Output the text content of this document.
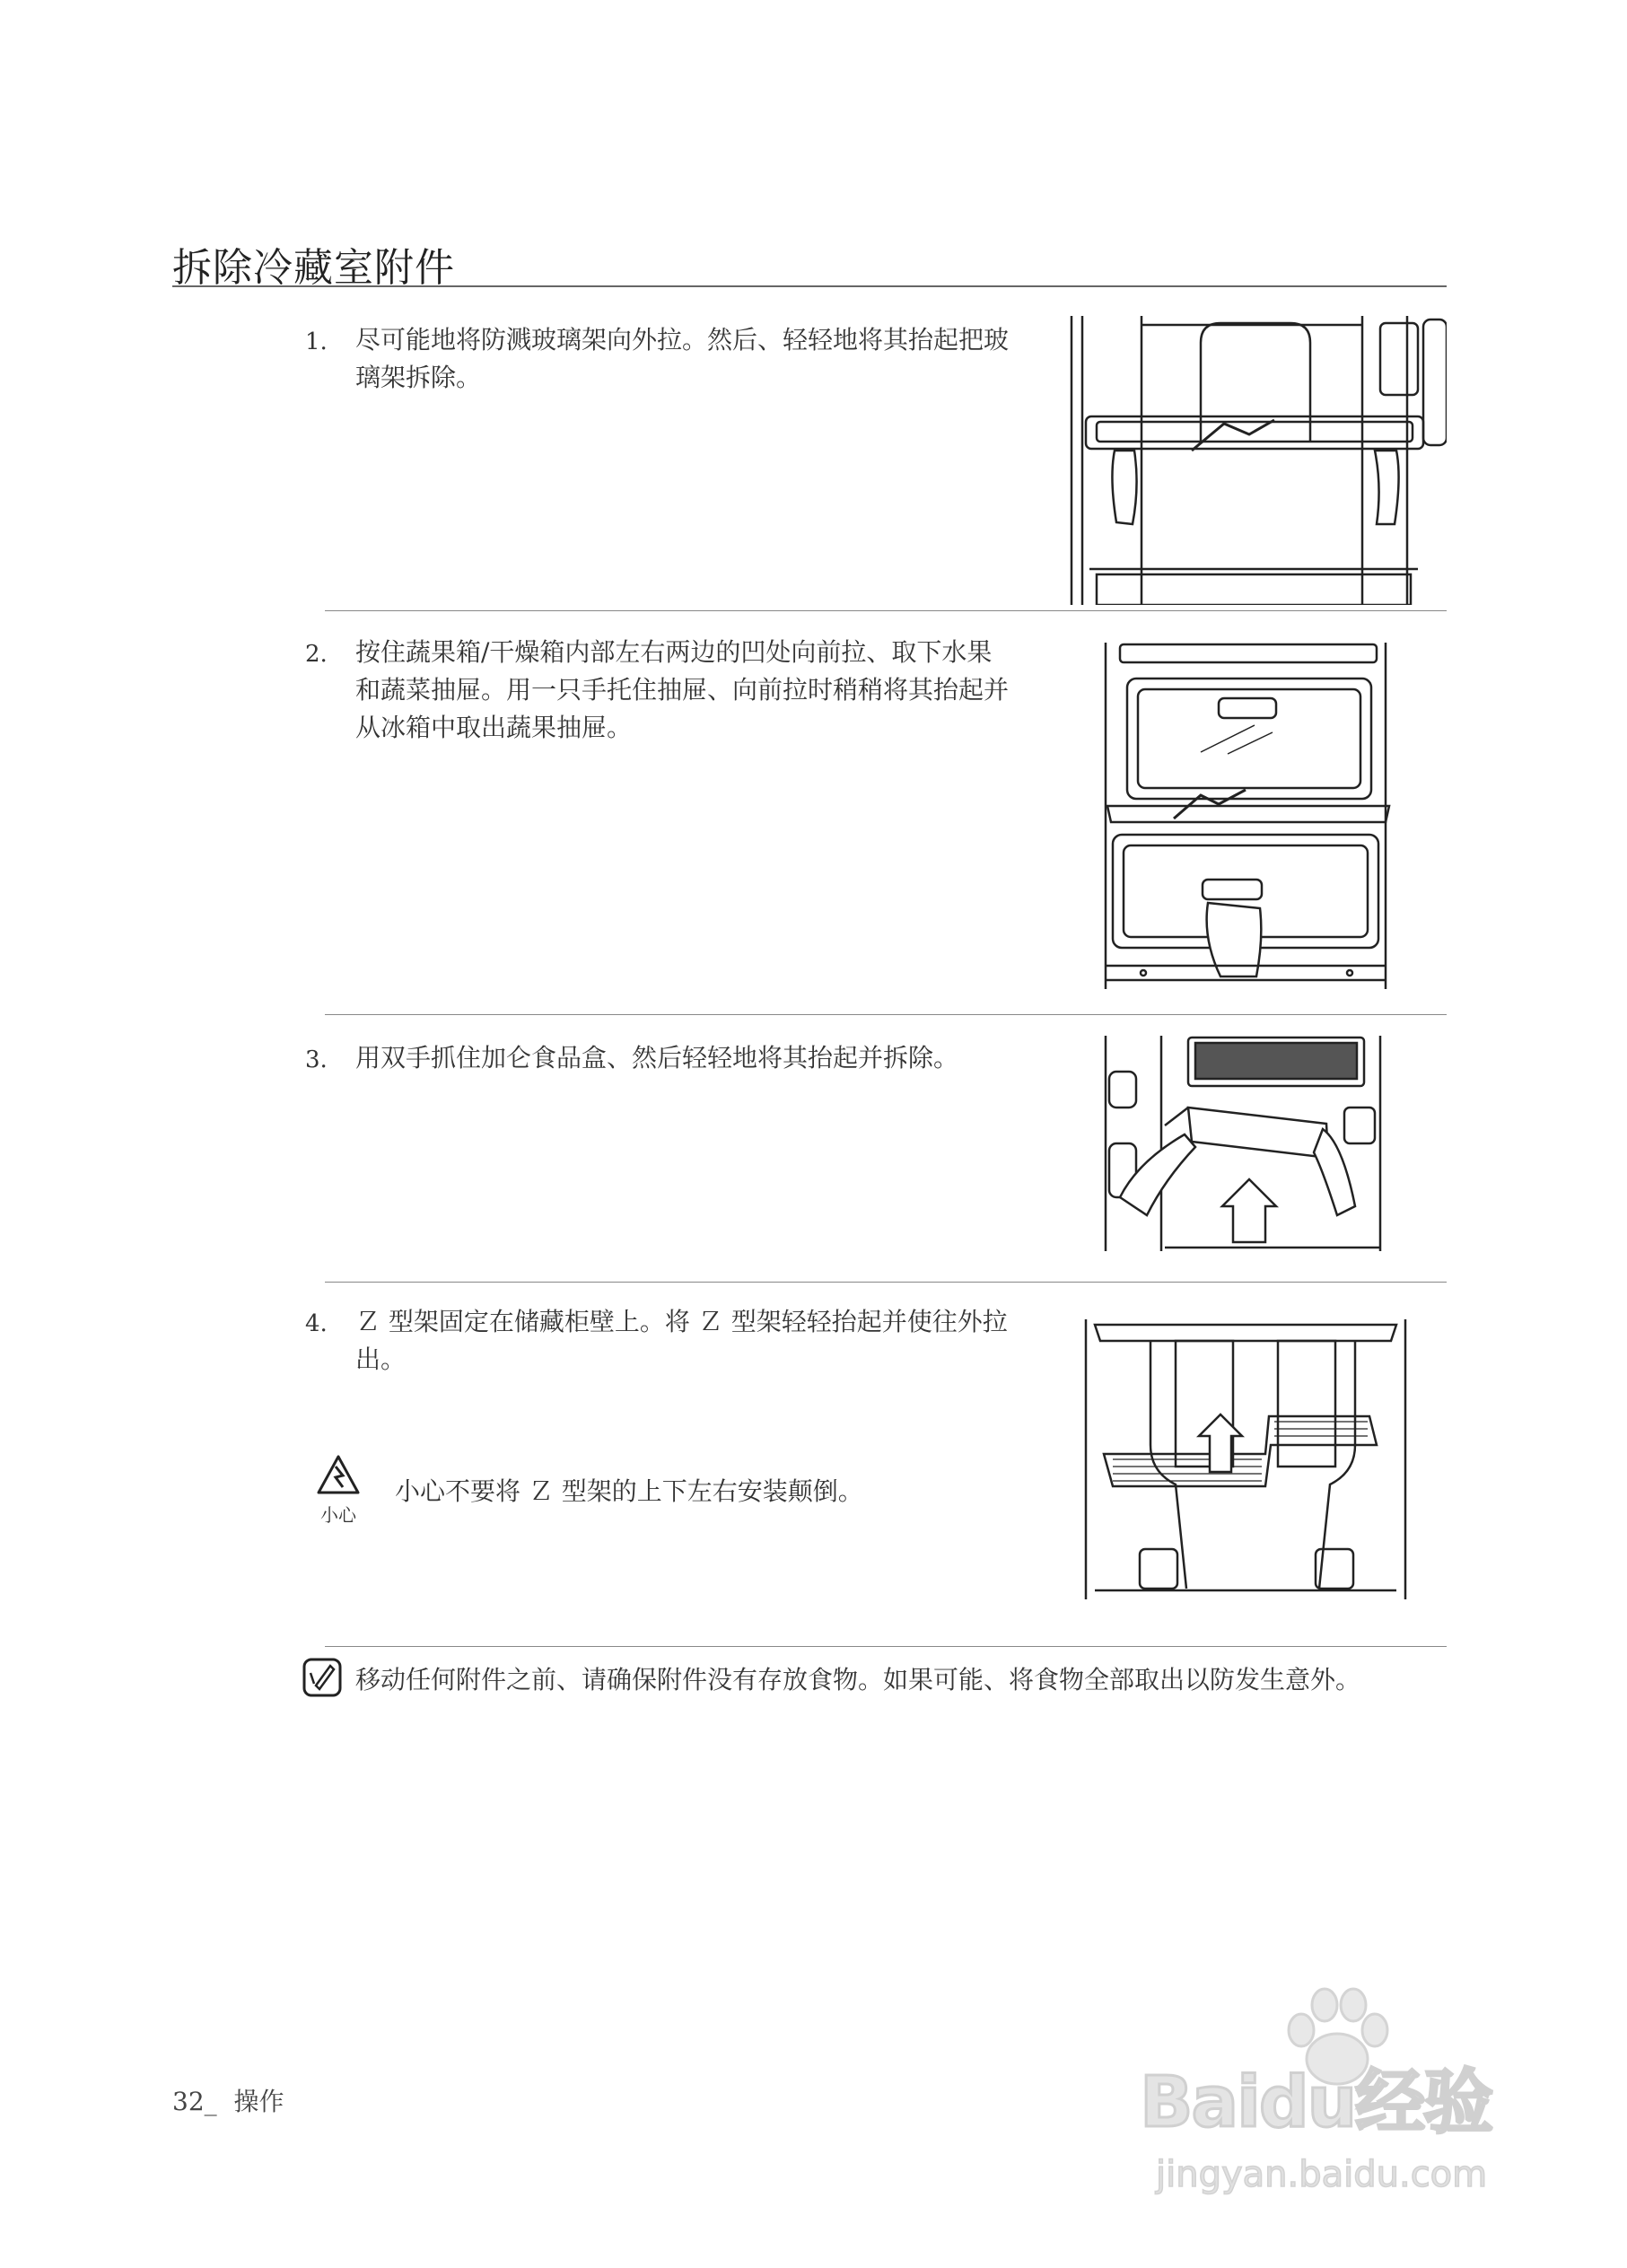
拆除冷藏室附件
1. 尽可能地将防溅玻璃架向外拉。然后、轻轻地将其抬起把玻
璃架拆除。
2. 按住蔬果箱/干燥箱内部左右两边的凹处向前拉、取下水果
和蔬菜抽屉。用一只手托住抽屉、向前拉时稍稍将其抬起并
从冰箱中取出蔬果抽屉。
3. 用双手抓住加仑食品盒、然后轻轻地将其抬起并拆除。
4. Ｚ 型架固定在储藏柜壁上。将 Ｚ 型架轻轻抬起并使往外拉
出。
小心
小心不要将 Ｚ 型架的上下左右安装颠倒。
移动任何附件之前、请确保附件没有存放食物。如果可能、将食物全部取出以防发生意外。
32_ 操作	Baidu经验
jingyan.baidu.com
